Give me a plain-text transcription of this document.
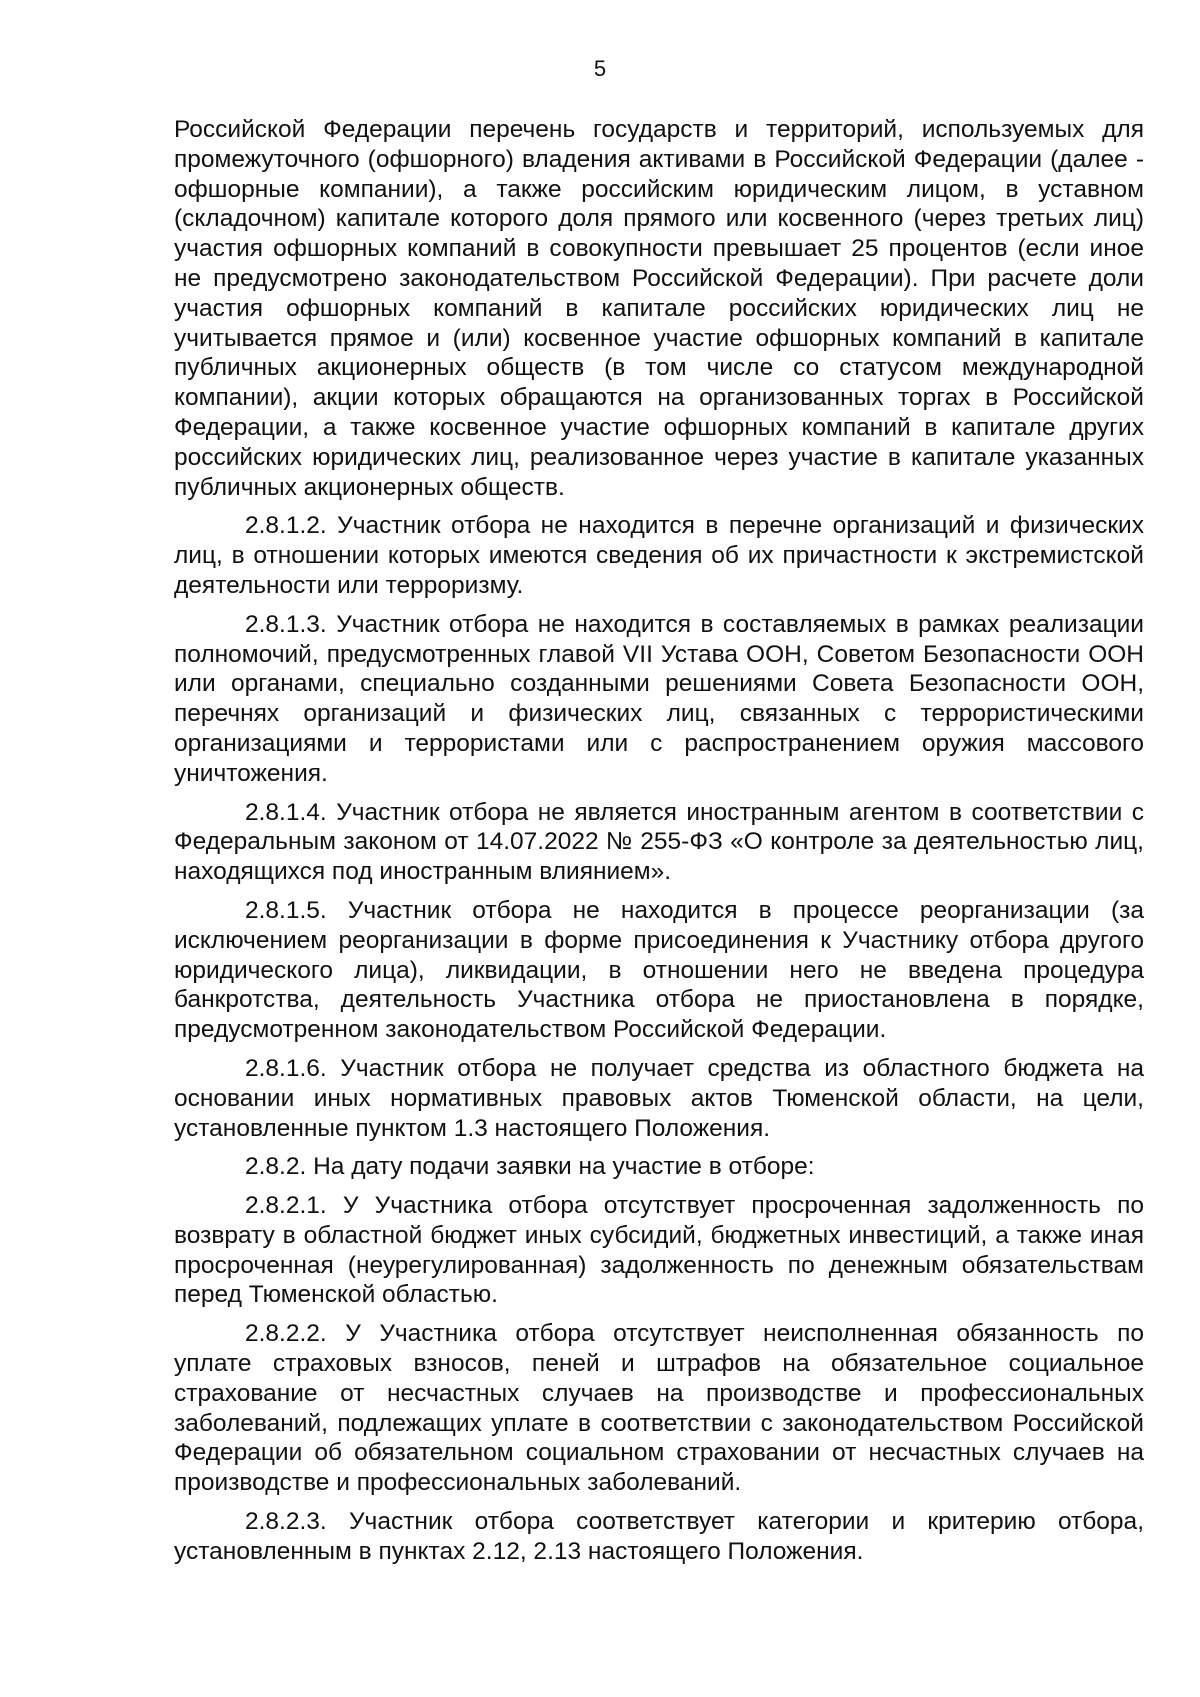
5

Российской Федерации перечень государств и территорий, используемых для промежуточного (офшорного) владения активами в Российской Федерации (далее - офшорные компании), а также российским юридическим лицом, в уставном (складочном) капитале которого доля прямого или косвенного (через третьих лиц) участия офшорных компаний в совокупности превышает 25 процентов (если иное не предусмотрено законодательством Российской Федерации). При расчете доли участия офшорных компаний в капитале российских юридических лиц не учитывается прямое и (или) косвенное участие офшорных компаний в капитале публичных акционерных обществ (в том числе со статусом международной компании), акции которых обращаются на организованных торгах в Российской Федерации, а также косвенное участие офшорных компаний в капитале других российских юридических лиц, реализованное через участие в капитале указанных публичных акционерных обществ.

2.8.1.2. Участник отбора не находится в перечне организаций и физических лиц, в отношении которых имеются сведения об их причастности к экстремистской деятельности или терроризму.

2.8.1.3. Участник отбора не находится в составляемых в рамках реализации полномочий, предусмотренных главой VII Устава ООН, Советом Безопасности ООН или органами, специально созданными решениями Совета Безопасности ООН, перечнях организаций и физических лиц, связанных с террористическими организациями и террористами или с распространением оружия массового уничтожения.

2.8.1.4. Участник отбора не является иностранным агентом в соответствии с Федеральным законом от 14.07.2022 № 255-ФЗ «О контроле за деятельностью лиц, находящихся под иностранным влиянием».

2.8.1.5. Участник отбора не находится в процессе реорганизации (за исключением реорганизации в форме присоединения к Участнику отбора другого юридического лица), ликвидации, в отношении него не введена процедура банкротства, деятельность Участника отбора не приостановлена в порядке, предусмотренном законодательством Российской Федерации.

2.8.1.6. Участник отбора не получает средства из областного бюджета на основании иных нормативных правовых актов Тюменской области, на цели, установленные пунктом 1.3 настоящего Положения.

2.8.2. На дату подачи заявки на участие в отборе:

2.8.2.1. У Участника отбора отсутствует просроченная задолженность по возврату в областной бюджет иных субсидий, бюджетных инвестиций, а также иная просроченная (неурегулированная) задолженность по денежным обязательствам перед Тюменской областью.

2.8.2.2. У Участника отбора отсутствует неисполненная обязанность по уплате страховых взносов, пеней и штрафов на обязательное социальное страхование от несчастных случаев на производстве и профессиональных заболеваний, подлежащих уплате в соответствии с законодательством Российской Федерации об обязательном социальном страховании от несчастных случаев на производстве и профессиональных заболеваний.

2.8.2.3. Участник отбора соответствует категории и критерию отбора, установленным в пунктах 2.12, 2.13 настоящего Положения.
